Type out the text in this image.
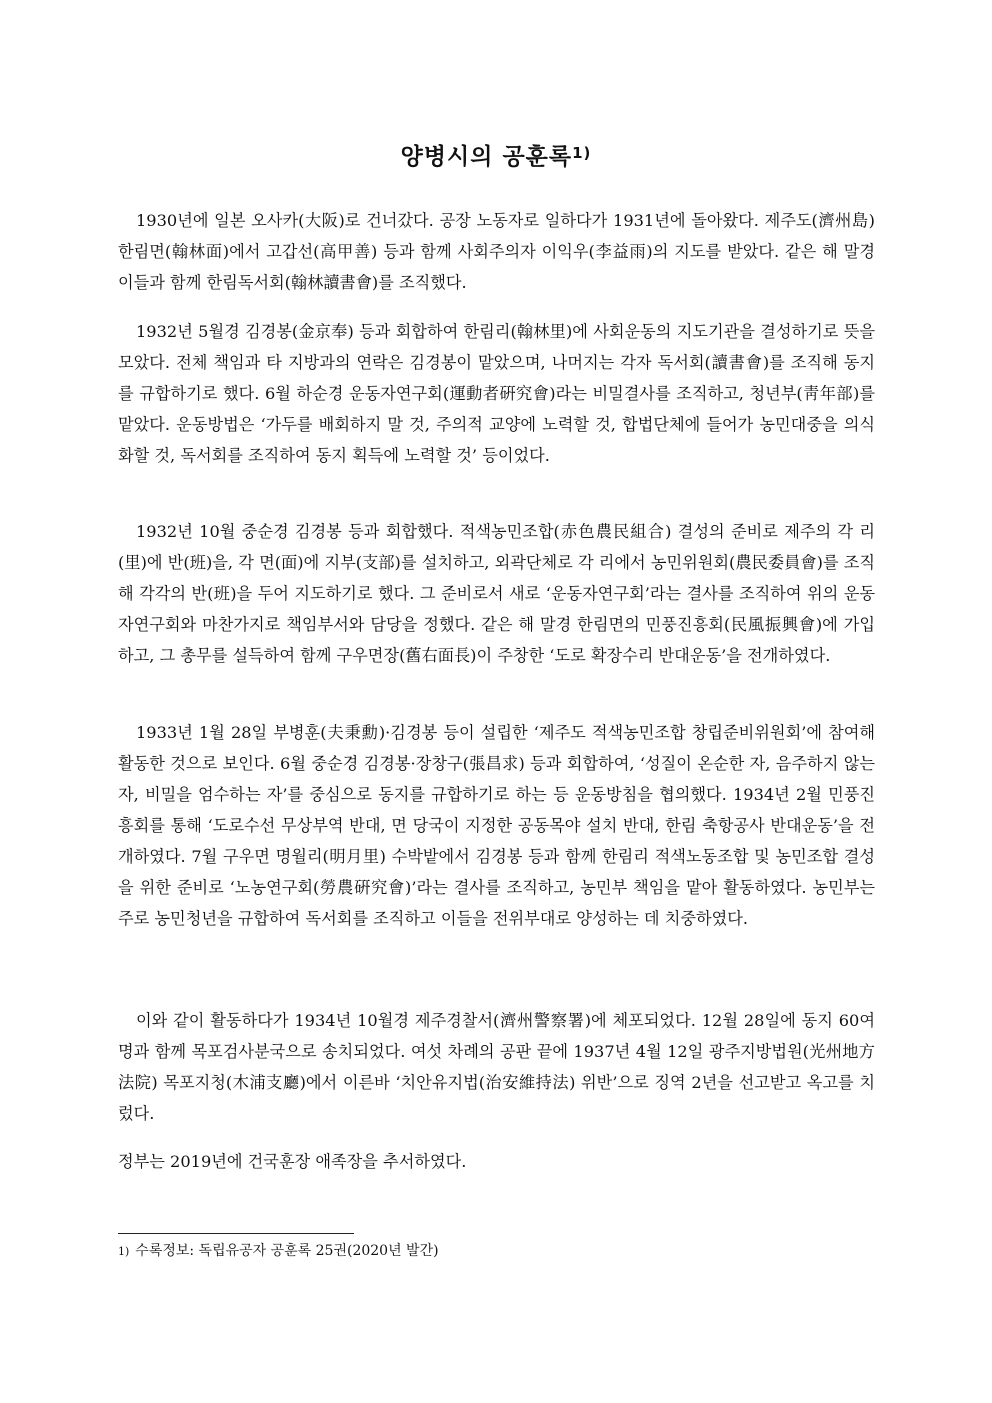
양병시의 공훈록$^{1)}$

1930년에 일본 오사카(大阪)로 건너갔다. 공장 노동자로 일하다가 1931년에 돌아왔다. 제주도(濟州島) 한림면(翰林面)에서 고갑선(高甲善) 등과 함께 사회주의자 이익우(李益雨)의 지도를 받았다. 같은 해 말경 이들과 함께 한림독서회(翰林讀書會)를 조직했다.

1932년 5월경 김경봉(金京奉) 등과 회합하여 한림리(翰林里)에 사회운동의 지도기관을 결성하기로 뜻을 모았다. 전체 책임과 타 지방과의 연락은 김경봉이 맡았으며, 나머지는 각자 독서회(讀書會)를 조직해 동지를 규합하기로 했다. 6월 하순경 운동자연구회(運動者硏究會)라는 비밀결사를 조직하고, 청년부(靑年部)를 맡았다. 운동방법은 ‘가두를 배회하지 말 것, 주의적 교양에 노력할 것, 합법단체에 들어가 농민대중을 의식화할 것, 독서회를 조직하여 동지 획득에 노력할 것’ 등이었다.

1932년 10월 중순경 김경봉 등과 회합했다. 적색농민조합(赤色農民組合) 결성의 준비로 제주의 각 리(里)에 반(班)을, 각 면(面)에 지부(支部)를 설치하고, 외곽단체로 각 리에서 농민위원회(農民委員會)를 조직해 각각의 반(班)을 두어 지도하기로 했다. 그 준비로서 새로 ‘운동자연구회’라는 결사를 조직하여 위의 운동자연구회와 마찬가지로 책임부서와 담당을 정했다. 같은 해 말경 한림면의 민풍진흥회(民風振興會)에 가입하고, 그 총무를 설득하여 함께 구우면장(舊右面長)이 주창한 ‘도로 확장수리 반대운동’을 전개하였다.

1933년 1월 28일 부병훈(夫秉勳)·김경봉 등이 설립한 ‘제주도 적색농민조합 창립준비위원회’에 참여해 활동한 것으로 보인다. 6월 중순경 김경봉·장창구(張昌求) 등과 회합하여, ‘성질이 온순한 자, 음주하지 않는 자, 비밀을 엄수하는 자’를 중심으로 동지를 규합하기로 하는 등 운동방침을 협의했다. 1934년 2월 민풍진흥회를 통해 ‘도로수선 무상부역 반대, 면 당국이 지정한 공동목야 설치 반대, 한림 축항공사 반대운동’을 전개하였다. 7월 구우면 명월리(明月里) 수박밭에서 김경봉 등과 함께 한림리 적색노동조합 및 농민조합 결성을 위한 준비로 ‘노농연구회(勞農硏究會)’라는 결사를 조직하고, 농민부 책임을 맡아 활동하였다. 농민부는 주로 농민청년을 규합하여 독서회를 조직하고 이들을 전위부대로 양성하는 데 치중하였다.

이와 같이 활동하다가 1934년 10월경 제주경찰서(濟州警察署)에 체포되었다. 12월 28일에 동지 60여 명과 함께 목포검사분국으로 송치되었다. 여섯 차례의 공판 끝에 1937년 4월 12일 광주지방법원(光州地方法院) 목포지청(木浦支廳)에서 이른바 ‘치안유지법(治安維持法) 위반’으로 징역 2년을 선고받고 옥고를 치렀다.

정부는 2019년에 건국훈장 애족장을 추서하였다.

1) 수록정보: 독립유공자 공훈록 25권(2020년 발간)
